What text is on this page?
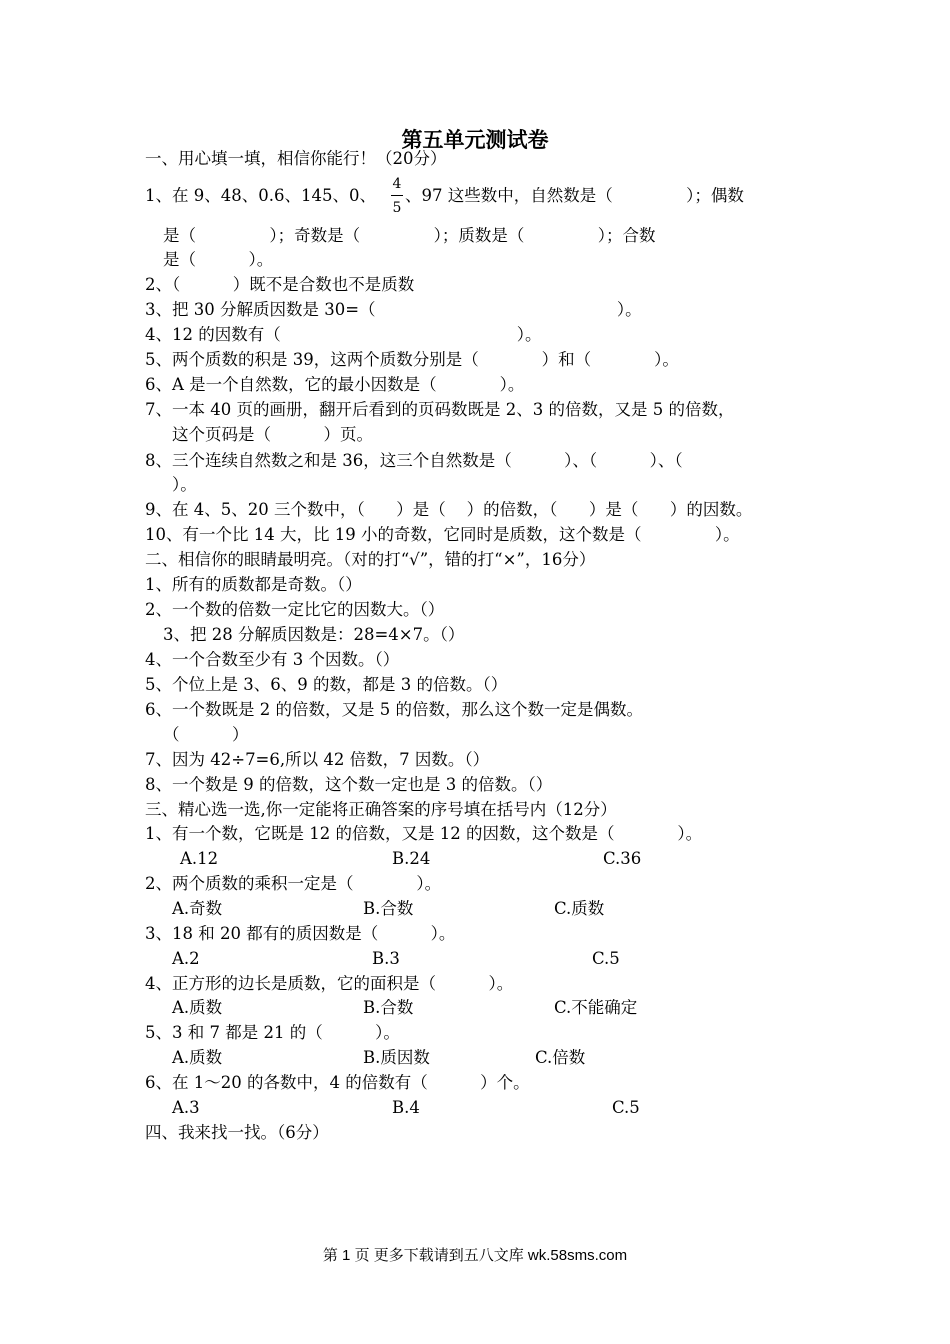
第五单元测试卷
一、用心填一填，相信你能行！（20分）
1、在 9、48、0.6、145、0、
4
5
、97 这些数中，自然数是（              ）；偶数
是（              ）；奇数是（              ）；质数是（              ）；合数
是（          ）。
2、（          ）既不是合数也不是质数
3、把 30 分解质因数是 30=（                                              ）。
4、12 的因数有（                                             ）。
5、两个质数的积是 39，这两个质数分别是（            ）和（            ）。
6、A 是一个自然数，它的最小因数是（            ）。
7、一本 40 页的画册，翻开后看到的页码数既是 2、3 的倍数，又是 5 的倍数，
这个页码是（          ）页。
8、三个连续自然数之和是 36，这三个自然数是（          ）、（          ）、（
）。
9、在 4、5、20 三个数中，（      ）是（    ）的倍数，（      ）是（      ）的因数。
10、有一个比 14 大，比 19 小的奇数，它同时是质数，这个数是（              ）。
二、相信你的眼睛最明亮。（对的打“√”，错的打“×”，16分）
1、所有的质数都是奇数。（）
2、一个数的倍数一定比它的因数大。（）
3、把 28 分解质因数是：28=4×7。（）
4、一个合数至少有 3 个因数。（）
5、个位上是 3、6、9 的数，都是 3 的倍数。（）
6、一个数既是 2 的倍数，又是 5 的倍数，那么这个数一定是偶数。
（          ）
7、因为 42÷7=6,所以 42 倍数，7 因数。（）
8、一个数是 9 的倍数，这个数一定也是 3 的倍数。（）
三、精心选一选,你一定能将正确答案的序号填在括号内（12分）
1、有一个数，它既是 12 的倍数，又是 12 的因数，这个数是（            ）。
A.12	B.24	C.36
2、两个质数的乘积一定是（            ）。
A.奇数	B.合数	C.质数
3、18 和 20 都有的质因数是（          ）。
A.2	B.3	C.5
4、正方形的边长是质数，它的面积是（          ）。
A.质数	B.合数	C.不能确定
5、3 和 7 都是 21 的（          ）。
A.质数	B.质因数	C.倍数
6、在 1～20 的各数中，4 的倍数有（          ）个。
A.3	B.4	C.5
四、我来找一找。（6分）
第 1 页 更多下载请到五八文库 wk.58sms.com
